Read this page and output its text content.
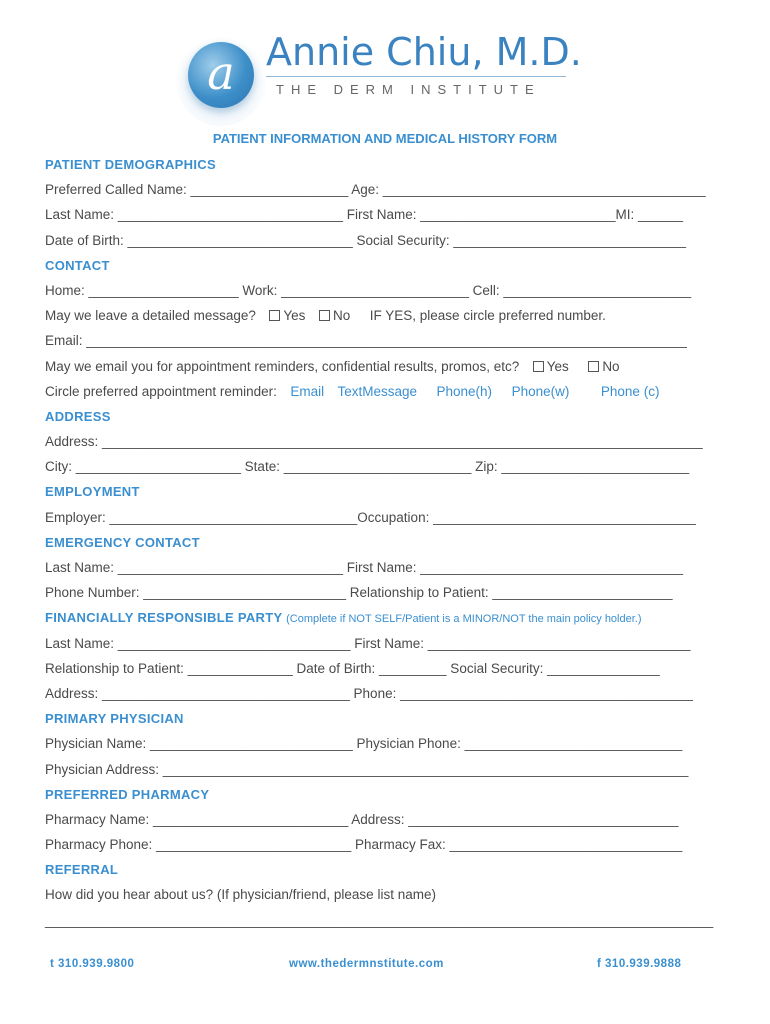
a Annie Chiu, M.D.
THE DERM INSTITUTE
PATIENT INFORMATION AND MEDICAL HISTORY FORM
PATIENT DEMOGRAPHICS
Preferred Called Name: _____________________ Age: ___________________________________________
Last Name: ______________________________ First Name: __________________________MI: ______
Date of Birth: ______________________________ Social Security: _______________________________
CONTACT
Home: ____________________ Work: _________________________ Cell: _________________________
May we leave a detailed message? Yes No IF YES, please circle preferred number.
Email: ________________________________________________________________________________
May we email you for appointment reminders, confidential results, promos, etc? Yes No
Circle preferred appointment reminder: Email TextMessage Phone(h) Phone(w) Phone (c)
ADDRESS
Address: ________________________________________________________________________________
City: ______________________ State: _________________________ Zip: _________________________
EMPLOYMENT
Employer: _________________________________Occupation: ___________________________________
EMERGENCY CONTACT
Last Name: ______________________________ First Name: ___________________________________
Phone Number: ___________________________ Relationship to Patient: ________________________
FINANCIALLY RESPONSIBLE PARTY (Complete if NOT SELF/Patient is a MINOR/NOT the main policy holder.)
Last Name: _______________________________ First Name: ___________________________________
Relationship to Patient: ______________ Date of Birth: _________ Social Security: _______________
Address: _________________________________ Phone: _______________________________________
PRIMARY PHYSICIAN
Physician Name: ___________________________ Physician Phone: _____________________________
Physician Address: ______________________________________________________________________
PREFERRED PHARMACY
Pharmacy Name: __________________________ Address: ____________________________________
Pharmacy Phone: __________________________ Pharmacy Fax: _______________________________
REFERRAL
How did you hear about us? (If physician/friend, please list name)
_________________________________________________________________________________________
t 310.939.9800	www.thedermnstitute.com	f 310.939.9888
